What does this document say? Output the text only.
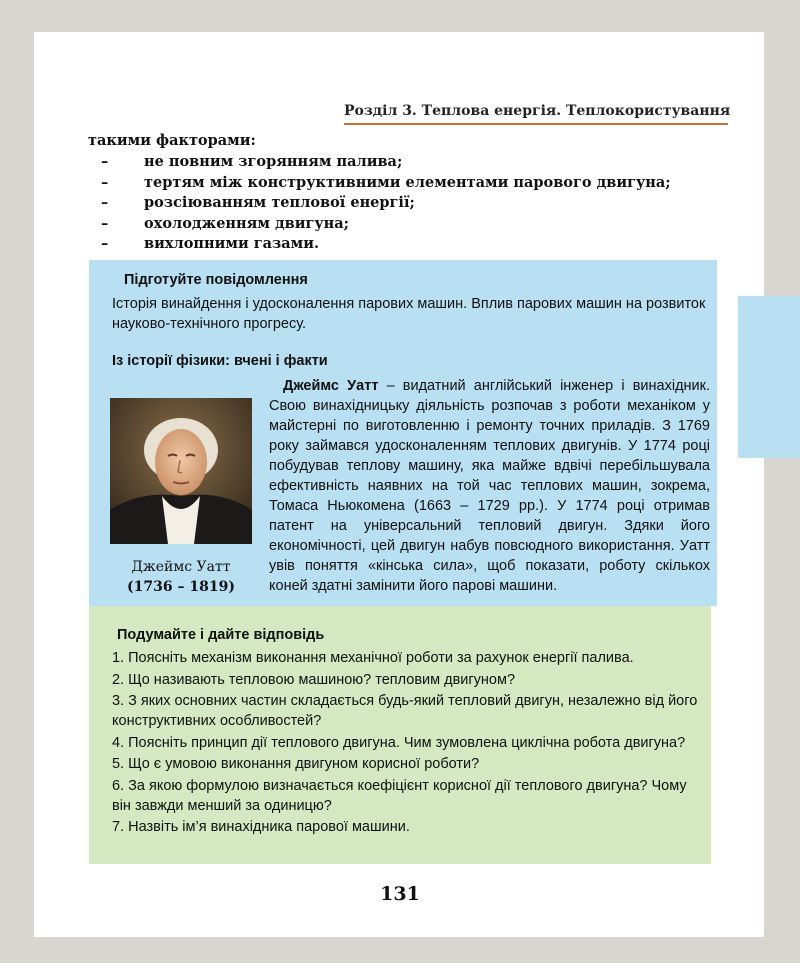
Розділ 3. Теплова енергія. Теплокористування
такими факторами:
–	не повним згорянням палива;
–	тертям між конструктивними елементами парового двигуна;
–	розсіюванням теплової енергії;
–	охолодженням двигуна;
–	вихлопними газами.
Підготуйте повідомлення
Історія винайдення і удосконалення парових машин. Вплив парових машин на розвиток науково-технічного прогресу.
Із історії фізики: вчені і факти
Джеймс Уатт
(1736 – 1819)
Джеймс Уатт – видатний англійський інженер і винахідник. Свою винахідницьку діяльність розпочав з роботи механіком у майстерні по виготовленню і ремонту точних приладів. З 1769 року займався удосконаленням теплових двигунів. У 1774 році побудував теплову машину, яка майже вдвічі перебільшувала ефективність наявних на той час теплових машин, зокрема, Томаса Ньюкомена (1663 – 1729 рр.). У 1774 році отримав патент на універсальний тепловий двигун. Здяки його економічності, цей двигун набув повсюдного використання. Уатт увів поняття «кінська сила», щоб показати, роботу скількох коней здатні замінити його парові машини.
Подумайте і дайте відповідь
1. Поясніть механізм виконання механічної роботи за рахунок енергії палива.
2. Що називають тепловою машиною? тепловим двигуном?
3. З яких основних частин складається будь-який тепловий двигун, незалежно від його конструктивних особливостей?
4. Поясніть принцип дії теплового двигуна. Чим зумовлена циклічна робота двигуна?
5. Що є умовою виконання двигуном корисної роботи?
6. За якою формулою визначається коефіцієнт корисної дії теплового двигуна? Чому він завжди менший за одиницю?
7. Назвіть ім’я винахідника парової машини.
131
